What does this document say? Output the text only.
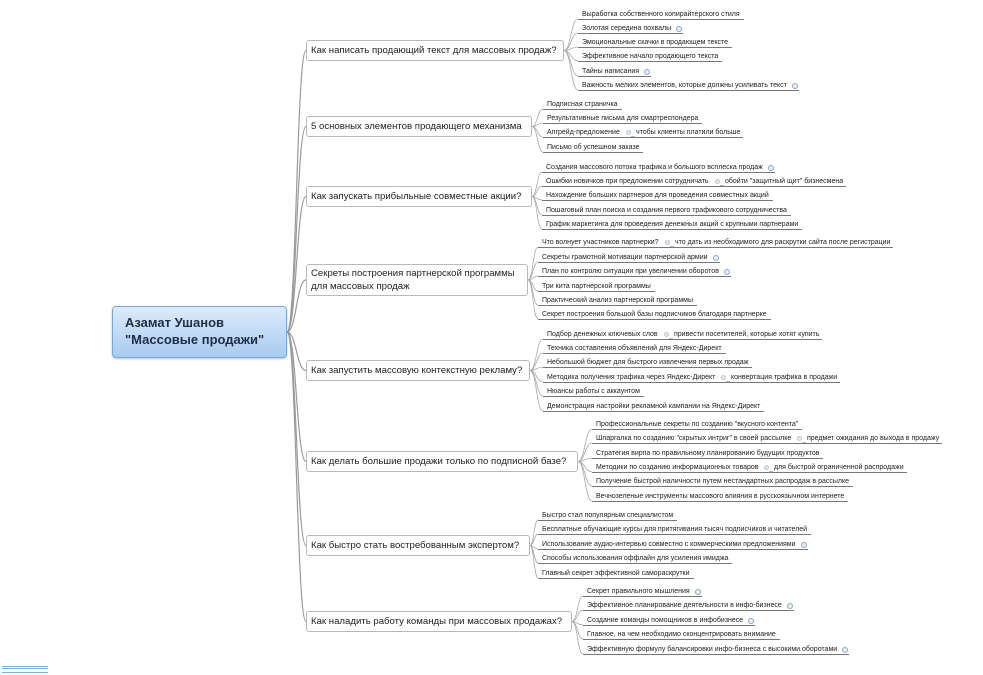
Азамат Ушанов
"Массовые продажи"
Как написать продающий текст для массовых продаж?
Выработка собственного копирайтерского стиля
Золотая середина похвалы
Эмоциональные скачки в продающем тексте
Эффективное начало продающего текста
Тайны написания
Важность мелких элементов, которые должны усиливать текст
5 основных элементов продающего механизма
Подписная страничка
Результативные письма для смартреспондера
Апгрейд-предложение чтобы клиенты платили больше
Письмо об успешном заказе
Как запускать прибыльные совместные акции?
Создания массового потока трафика и большого всплеска продаж
Ошибки новичков при предложении сотрудничать обойти "защитный щит" бизнесмена
Нахождение больших партнеров для проведения совместных акций
Пошаговый план поиска и создания первого трафикового сотрудничества
График маркетинга для проведения денежных акций с крупными партнерами
Секреты построения партнерской программы
для массовых продаж
Что волнует участников партнерки? что дать из необходимого для раскрутки сайта после регистрации
Секреты грамотной мотивации партнерской армии
План по контролю ситуации при увеличении оборотов
Три кита партнерской программы
Практический анализ партнерской программы
Секрет построения большой базы подписчиков благодаря партнерке
Как запустить массовую контекстную рекламу?
Подбор денежных ключевых слов привести посетителей, которые хотят купить
Техника составления объявлений для Яндекс-Директ
Небольшой бюджет для быстрого извлечения первых продаж
Методика получения трафика через Яндекс-Директ конвертация трафика в продажи
Нюансы работы с аккаунтом
Демонстрация настройки рекламной кампании на Яндекс-Директ
Как делать большие продажи только по подписной базе?
Профессиональные секреты по созданию "вкусного контента"
Шпаргалка по созданию "скрытых интриг" в своей рассылке предмет ожидания до выхода в продажу
Стратегия вирпа по правильному планированию будущих продуктов
Методики по созданию информационных товаров для быстрой ограниченной распродажи
Получение быстрой наличности путем нестандартных распродаж в рассылке
Вечнозеленые инструменты массового влияния в русскоязычном интернете
Как быстро стать востребованным экспертом?
Быстро стал популярным специалистом
Бесплатные обучающие курсы для притягивания тысяч подписчиков и читателей
Использование аудио-интервью совместно с коммерческими предложениями
Способы использования оффлайн для усиления имиджа
Главный секрет эффективной самораскрутки
Как наладить работу команды при массовых продажах?
Секрет правильного мышления
Эффективное планирование деятельности в инфо-бизнесе
Создание команды помощников в инфобизнесе
Главное, на чем необходимо сконцентрировать внимание
Эффективную формулу балансировки инфо-бизнеса с высокими оборотами
